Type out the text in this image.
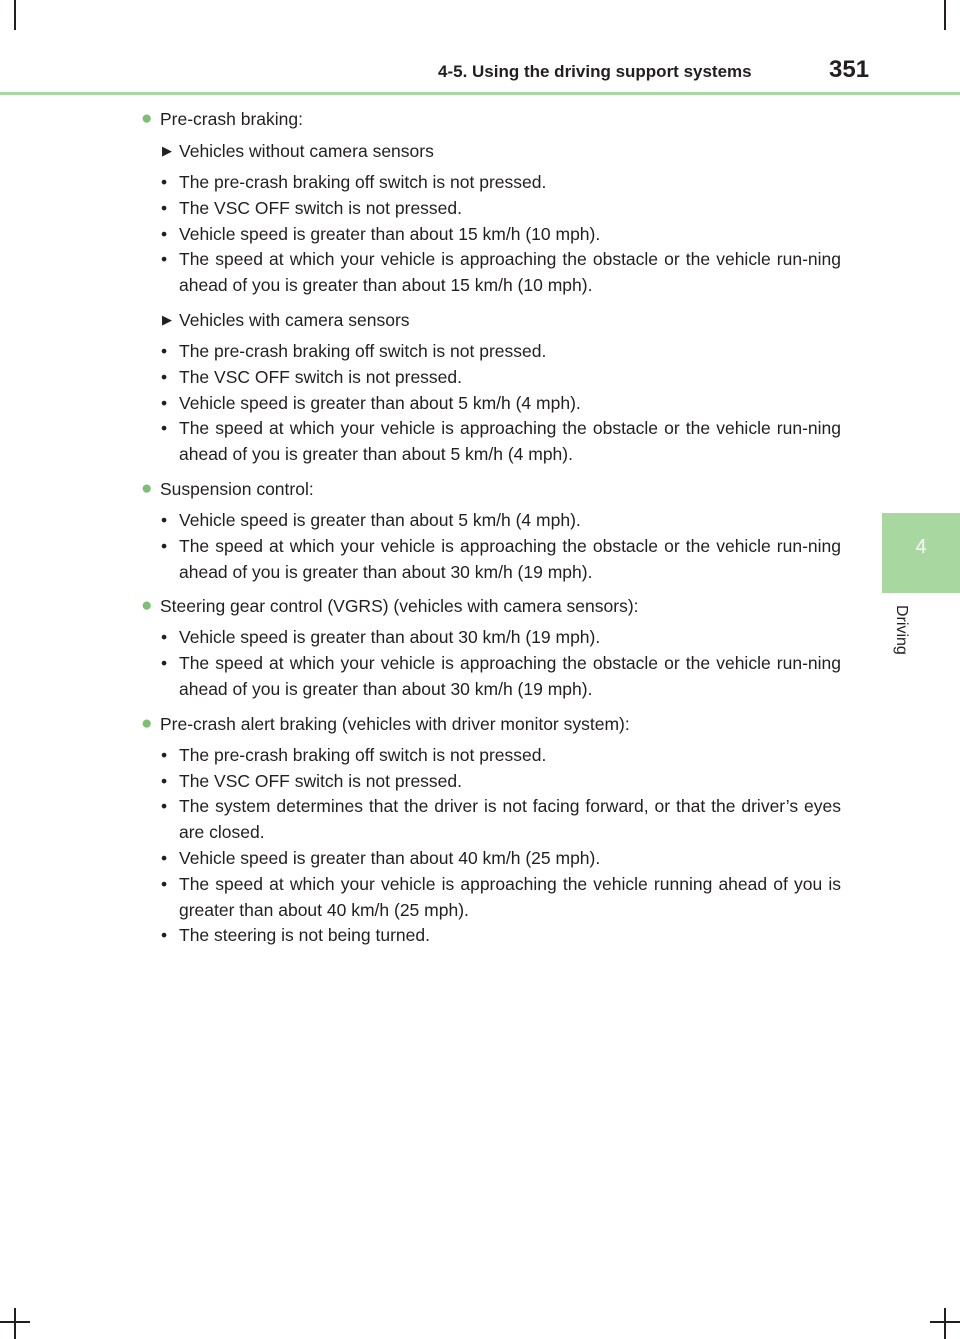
4-5. Using the driving support systems	351
4
Driving
● Pre-crash braking:
▶ Vehicles without camera sensors
• The pre-crash braking off switch is not pressed.
• The VSC OFF switch is not pressed.
• Vehicle speed is greater than about 15 km/h (10 mph).
• The speed at which your vehicle is approaching the obstacle or the vehicle run-ning ahead of you is greater than about 15 km/h (10 mph).
▶ Vehicles with camera sensors
• The pre-crash braking off switch is not pressed.
• The VSC OFF switch is not pressed.
• Vehicle speed is greater than about 5 km/h (4 mph).
• The speed at which your vehicle is approaching the obstacle or the vehicle run-ning ahead of you is greater than about 5 km/h (4 mph).
● Suspension control:
• Vehicle speed is greater than about 5 km/h (4 mph).
• The speed at which your vehicle is approaching the obstacle or the vehicle run-ning ahead of you is greater than about 30 km/h (19 mph).
● Steering gear control (VGRS) (vehicles with camera sensors):
• Vehicle speed is greater than about 30 km/h (19 mph).
• The speed at which your vehicle is approaching the obstacle or the vehicle run-ning ahead of you is greater than about 30 km/h (19 mph).
● Pre-crash alert braking (vehicles with driver monitor system):
• The pre-crash braking off switch is not pressed.
• The VSC OFF switch is not pressed.
• The system determines that the driver is not facing forward, or that the driver’s eyes are closed.
• Vehicle speed is greater than about 40 km/h (25 mph).
• The speed at which your vehicle is approaching the vehicle running ahead of you is greater than about 40 km/h (25 mph).
• The steering is not being turned.
